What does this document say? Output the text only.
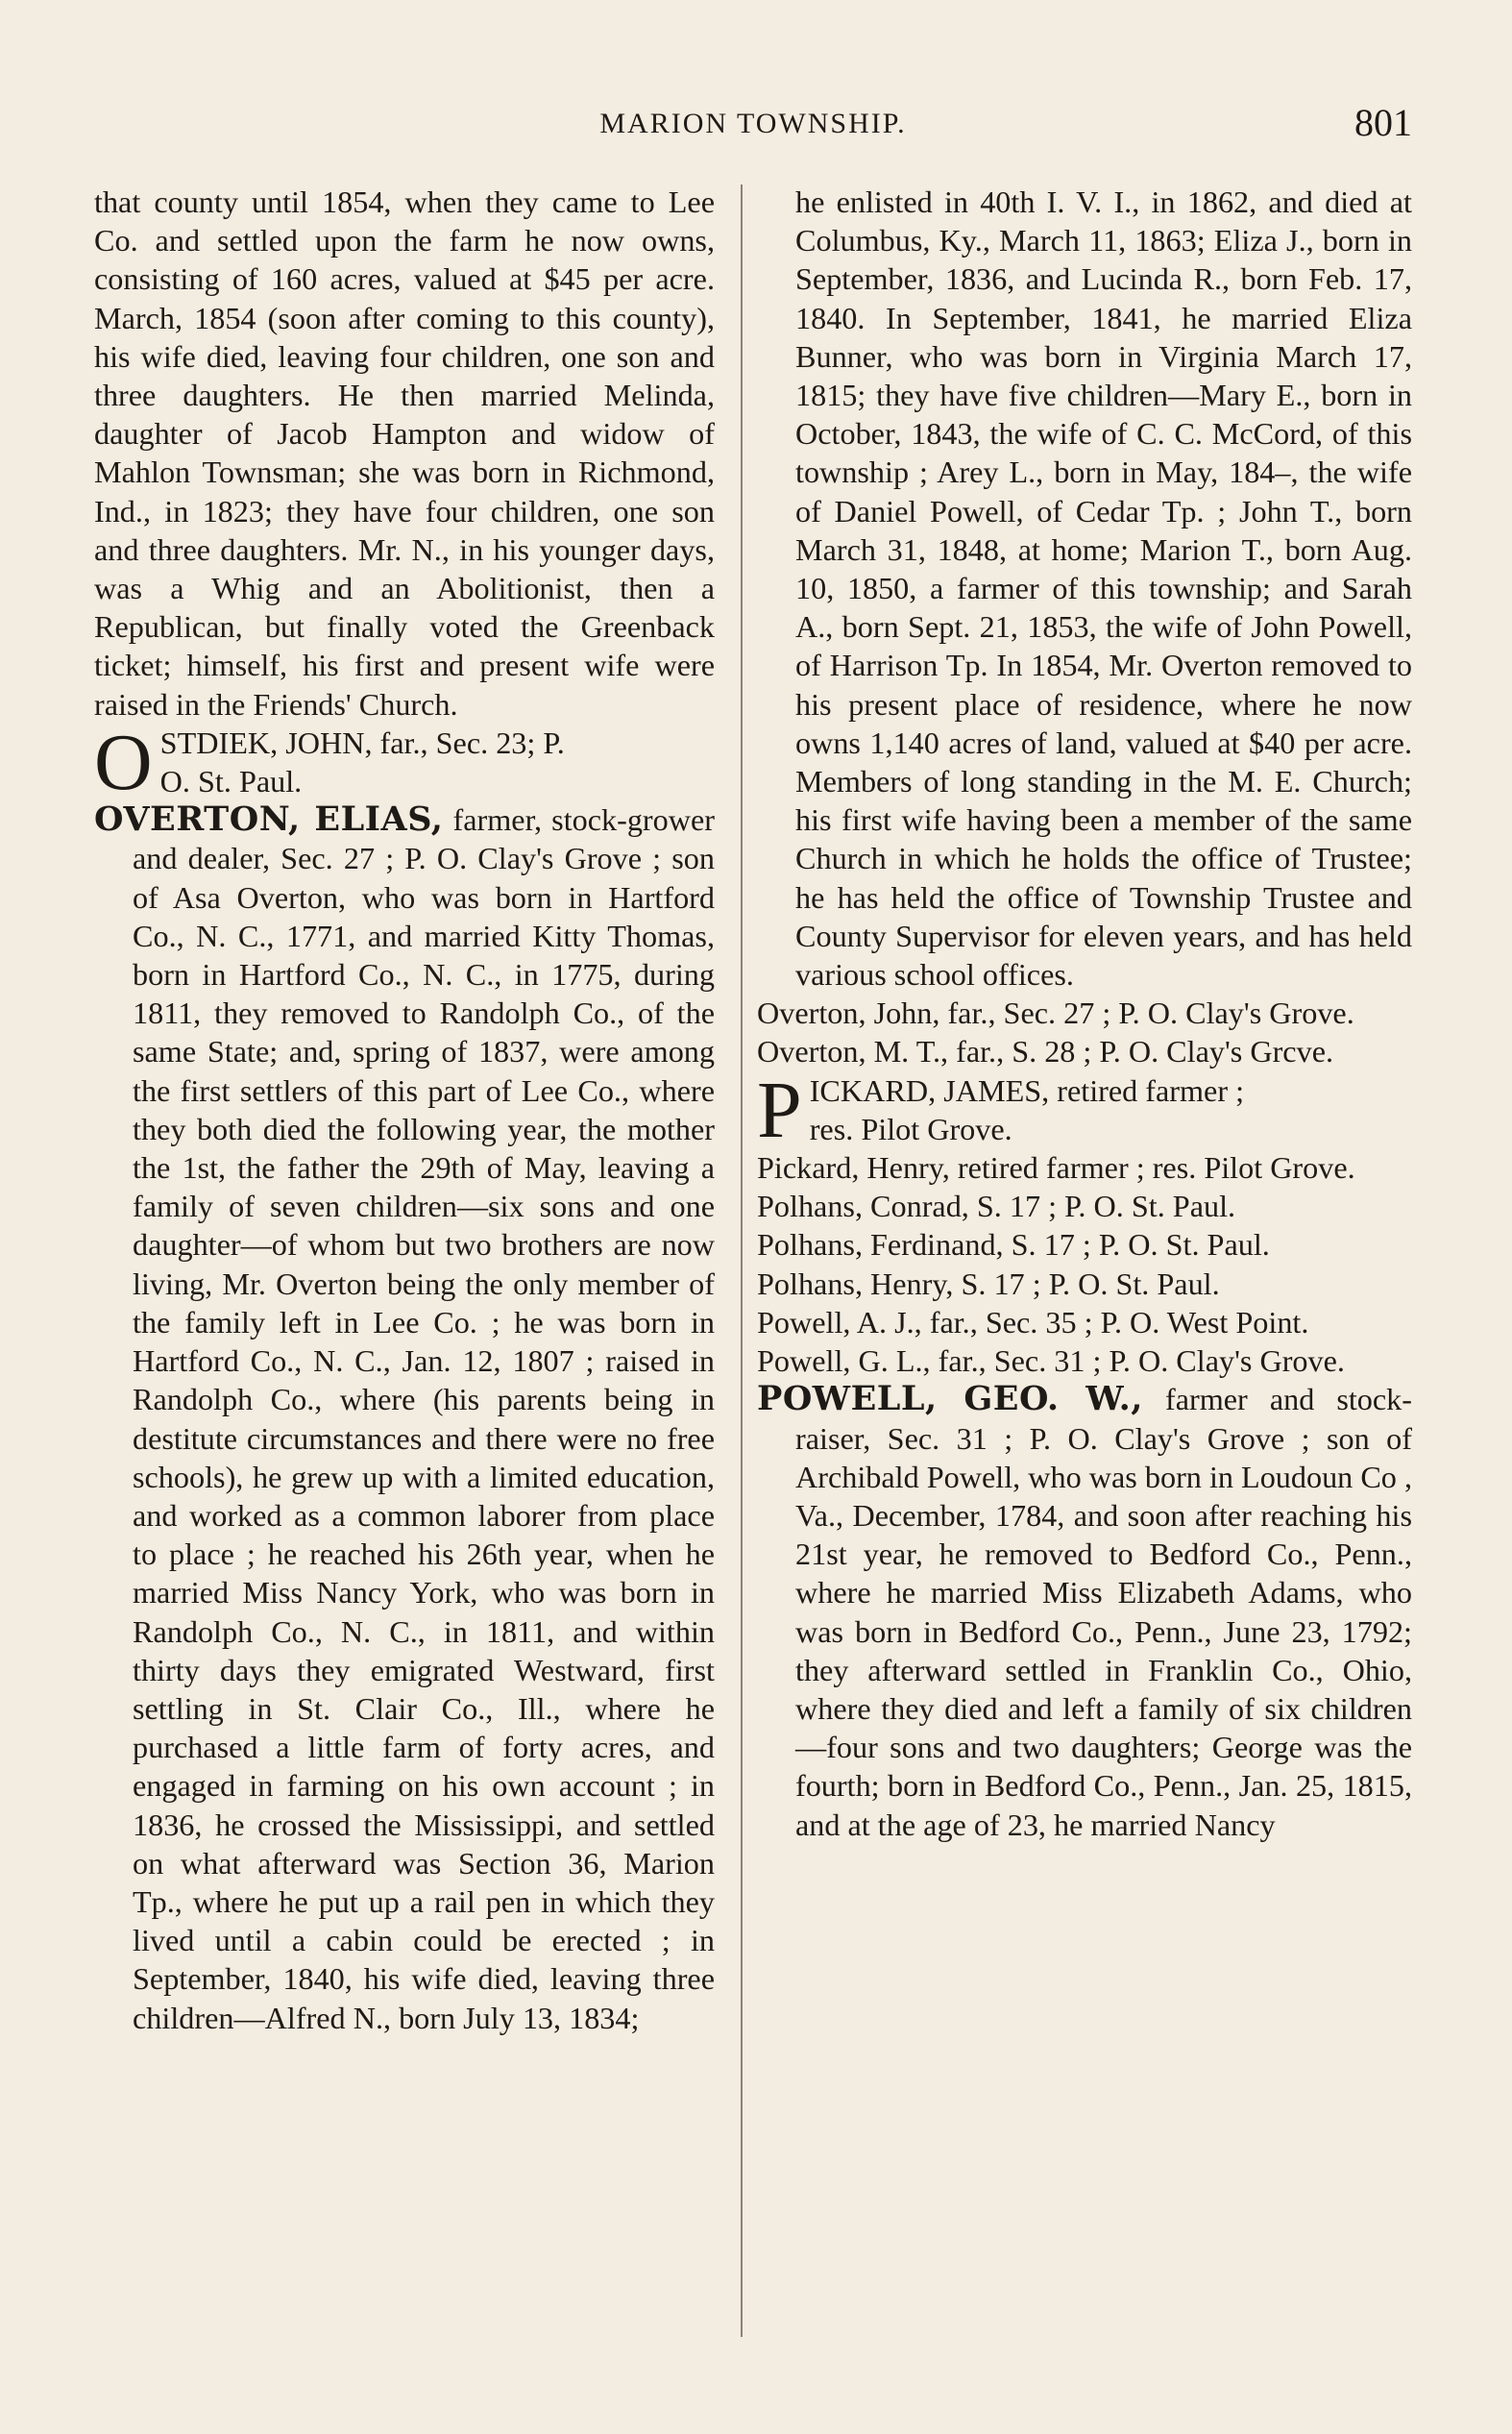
MARION TOWNSHIP.	801

that county until 1854, when they came to Lee Co. and settled upon the farm he now owns, consisting of 160 acres, valued at $45 per acre. March, 1854 (soon after coming to this county), his wife died, leaving four children, one son and three daughters. He then married Melinda, daughter of Jacob Hampton and widow of Mahlon Townsman; she was born in Richmond, Ind., in 1823; they have four children, one son and three daughters. Mr. N., in his younger days, was a Whig and an Abolitionist, then a Republican, but finally voted the Greenback ticket; himself, his first and present wife were raised in the Friends' Church.

O STDIEK, JOHN, far., Sec. 23; P.
O. St. Paul.

OVERTON, ELIAS, farmer, stock-grower and dealer, Sec. 27 ; P. O. Clay's Grove ; son of Asa Overton, who was born in Hartford Co., N. C., 1771, and married Kitty Thomas, born in Hartford Co., N. C., in 1775, during 1811, they removed to Randolph Co., of the same State; and, spring of 1837, were among the first settlers of this part of Lee Co., where they both died the following year, the mother the 1st, the father the 29th of May, leaving a family of seven children—six sons and one daughter—of whom but two brothers are now living, Mr. Overton being the only member of the family left in Lee Co. ; he was born in Hartford Co., N. C., Jan. 12, 1807 ; raised in Randolph Co., where (his parents being in destitute circumstances and there were no free schools), he grew up with a limited education, and worked as a common laborer from place to place ; he reached his 26th year, when he married Miss Nancy York, who was born in Randolph Co., N. C., in 1811, and within thirty days they emigrated Westward, first settling in St. Clair Co., Ill., where he purchased a little farm of forty acres, and engaged in farming on his own account ; in 1836, he crossed the Mississippi, and settled on what afterward was Section 36, Marion Tp., where he put up a rail pen in which they lived until a cabin could be erected ; in September, 1840, his wife died, leaving three children—Alfred N., born July 13, 1834;

he enlisted in 40th I. V. I., in 1862, and died at Columbus, Ky., March 11, 1863; Eliza J., born in September, 1836, and Lucinda R., born Feb. 17, 1840. In September, 1841, he married Eliza Bunner, who was born in Virginia March 17, 1815; they have five children—Mary E., born in October, 1843, the wife of C. C. McCord, of this township ; Arey L., born in May, 184–, the wife of Daniel Powell, of Cedar Tp. ; John T., born March 31, 1848, at home; Marion T., born Aug. 10, 1850, a farmer of this township; and Sarah A., born Sept. 21, 1853, the wife of John Powell, of Harrison Tp. In 1854, Mr. Overton removed to his present place of residence, where he now owns 1,140 acres of land, valued at $40 per acre. Members of long standing in the M. E. Church; his first wife having been a member of the same Church in which he holds the office of Trustee; he has held the office of Township Trustee and County Supervisor for eleven years, and has held various school offices.

Overton, John, far., Sec. 27 ; P. O. Clay's Grove.

Overton, M. T., far., S. 28 ; P. O. Clay's Grcve.

P ICKARD, JAMES, retired farmer ;
res. Pilot Grove.

Pickard, Henry, retired farmer ; res. Pilot Grove.

Polhans, Conrad, S. 17 ; P. O. St. Paul.

Polhans, Ferdinand, S. 17 ; P. O. St. Paul.

Polhans, Henry, S. 17 ; P. O. St. Paul.

Powell, A. J., far., Sec. 35 ; P. O. West Point.

Powell, G. L., far., Sec. 31 ; P. O. Clay's Grove.

POWELL, GEO. W., farmer and stock-raiser, Sec. 31 ; P. O. Clay's Grove ; son of Archibald Powell, who was born in Loudoun Co , Va., December, 1784, and soon after reaching his 21st year, he removed to Bedford Co., Penn., where he married Miss Elizabeth Adams, who was born in Bedford Co., Penn., June 23, 1792; they afterward settled in Franklin Co., Ohio, where they died and left a family of six children—four sons and two daughters; George was the fourth; born in Bedford Co., Penn., Jan. 25, 1815, and at the age of 23, he married Nancy
